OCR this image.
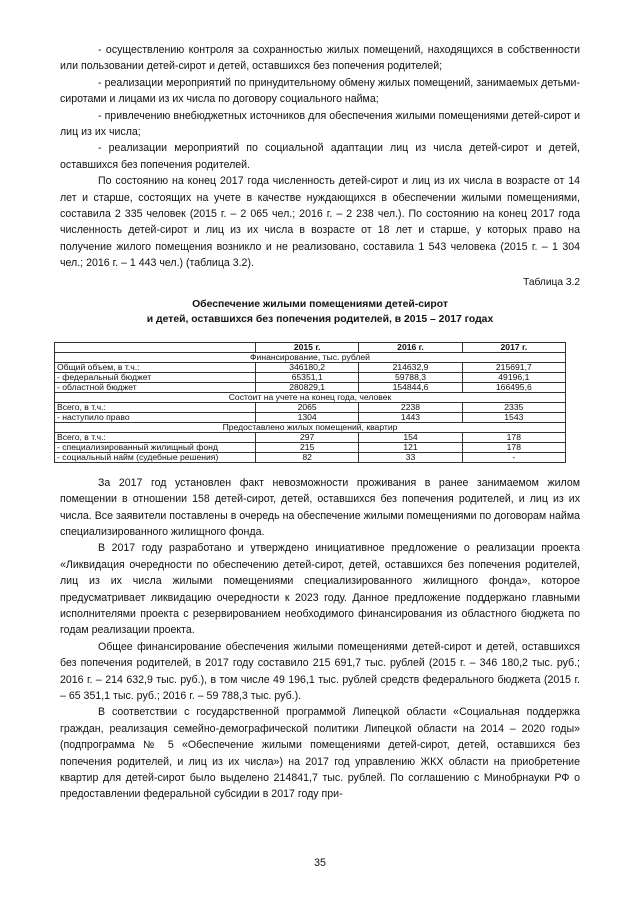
- осуществлению контроля за сохранностью жилых помещений, находящихся в собственности или пользовании детей-сирот и детей, оставшихся без попечения родителей;

- реализации мероприятий по принудительному обмену жилых помещений, занимаемых детьми-сиротами и лицами из их числа по договору социального найма;

- привлечению внебюджетных источников для обеспечения жилыми помещениями детей-сирот и лиц из их числа;

- реализации мероприятий по социальной адаптации лиц из числа детей-сирот и детей, оставшихся без попечения родителей.

По состоянию на конец 2017 года численность детей-сирот и лиц из их числа в возрасте от 14 лет и старше, состоящих на учете в качестве нуждающихся в обеспечении жилыми помещениями, составила 2 335 человек (2015 г. – 2 065 чел.; 2016 г. – 2 238 чел.). По состоянию на конец 2017 года численность детей-сирот и лиц из их числа в возрасте от 18 лет и старше, у которых право на получение жилого помещения возникло и не реализовано, составила 1 543 человека (2015 г. – 1 304 чел.; 2016 г. – 1 443 чел.) (таблица 3.2).

Таблица 3.2
Обеспечение жилыми помещениями детей-сирот
и детей, оставшихся без попечения родителей, в 2015 – 2017 годах
	2015 г.	2016 г.	2017 г.
Финансирование, тыс. рублей			
Общий объем, в т.ч.:	346180,2	214632,9	215691,7
- федеральный бюджет	65351,1	59788,3	49196,1
- областной бюджет	280829,1	154844,6	166495,6
Состоит на учете на конец года, человек			
Всего, в т.ч.:	2065	2238	2335
- наступило право	1304	1443	1543
Предоставлено жилых помещений, квартир			
Всего, в т.ч.:	297	154	178
- специализированный жилищный фонд	215	121	178
- социальный найм (судебные решения)	82	33	-

За 2017 год установлен факт невозможности проживания в ранее занимаемом жилом помещении в отношении 158 детей-сирот, детей, оставшихся без попечения родителей, и лиц из их числа. Все заявители поставлены в очередь на обеспечение жилыми помещениями по договорам найма специализированного жилищного фонда.

В 2017 году разработано и утверждено инициативное предложение о реализации проекта «Ликвидация очередности по обеспечению детей-сирот, детей, оставшихся без попечения родителей, лиц из их числа жилыми помещениями специализированного жилищного фонда», которое предусматривает ликвидацию очередности к 2023 году. Данное предложение поддержано главными исполнителями проекта с резервированием необходимого финансирования из областного бюджета по годам реализации проекта.

Общее финансирование обеспечения жилыми помещениями детей-сирот и детей, оставшихся без попечения родителей, в 2017 году составило 215 691,7 тыс. рублей (2015 г. – 346 180,2 тыс. руб.; 2016 г. – 214 632,9 тыс. руб.), в том числе 49 196,1 тыс. рублей средств федерального бюджета (2015 г. – 65 351,1 тыс. руб.; 2016 г. – 59 788,3 тыс. руб.).

В соответствии с государственной программой Липецкой области «Социальная поддержка граждан, реализация семейно-демографической политики Липецкой области на 2014 – 2020 годы» (подпрограмма № 5 «Обеспечение жилыми помещениями детей-сирот, детей, оставшихся без попечения родителей, и лиц из их числа») на 2017 год управлению ЖКХ области на приобретение квартир для детей-сирот было выделено 214841,7 тыс. рублей. По соглашению с Минобрнауки РФ о предоставлении федеральной субсидии в 2017 году при-

35
